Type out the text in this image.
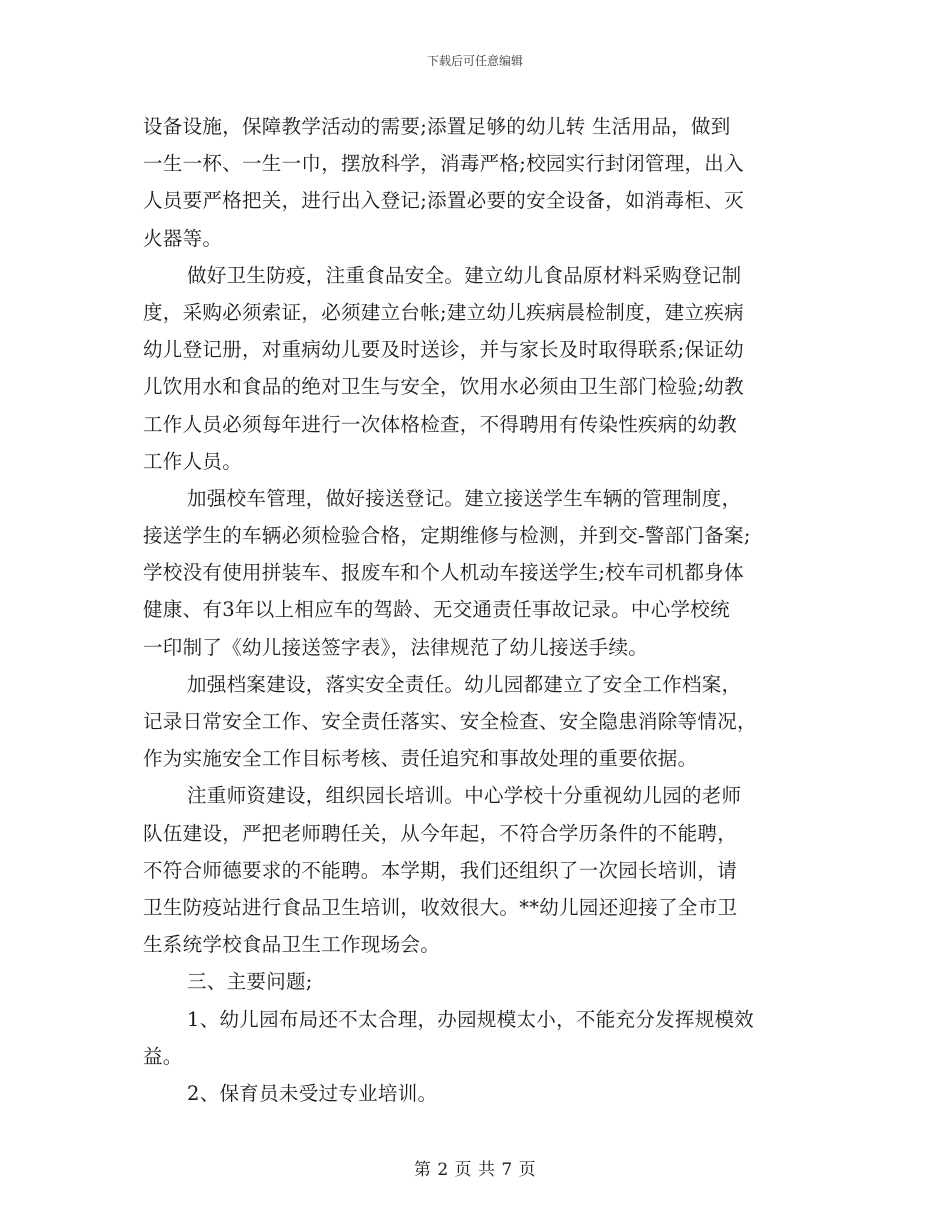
下载后可任意编辑
设备设施，保障教学活动的需要;添置足够的幼儿转 生活用品，做到
一生一杯、一生一巾，摆放科学，消毒严格;校园实行封闭管理，出入
人员要严格把关，进行出入登记;添置必要的安全设备，如消毒柜、灭
火器等。
做好卫生防疫，注重食品安全。建立幼儿食品原材料采购登记制
度，采购必须索证，必须建立台帐;建立幼儿疾病晨检制度，建立疾病
幼儿登记册，对重病幼儿要及时送诊，并与家长及时取得联系;保证幼
儿饮用水和食品的绝对卫生与安全，饮用水必须由卫生部门检验;幼教
工作人员必须每年进行一次体格检查，不得聘用有传染性疾病的幼教
工作人员。
加强校车管理，做好接送登记。建立接送学生车辆的管理制度，
接送学生的车辆必须检验合格，定期维修与检测，并到交-警部门备案;
学校没有使用拼装车、报废车和个人机动车接送学生;校车司机都身体
健康、有3年以上相应车的驾龄、无交通责任事故记录。中心学校统
一印制了《幼儿接送签字表》，法律规范了幼儿接送手续。
加强档案建设，落实安全责任。幼儿园都建立了安全工作档案，
记录日常安全工作、安全责任落实、安全检查、安全隐患消除等情况，
作为实施安全工作目标考核、责任追究和事故处理的重要依据。
注重师资建设，组织园长培训。中心学校十分重视幼儿园的老师
队伍建设，严把老师聘任关，从今年起，不符合学历条件的不能聘，
不符合师德要求的不能聘。本学期，我们还组织了一次园长培训，请
卫生防疫站进行食品卫生培训，收效很大。**幼儿园还迎接了全市卫
生系统学校食品卫生工作现场会。
三、主要问题;
1、幼儿园布局还不太合理，办园规模太小，不能充分发挥规模效
益。
2、保育员未受过专业培训。
第 2 页 共 7 页
